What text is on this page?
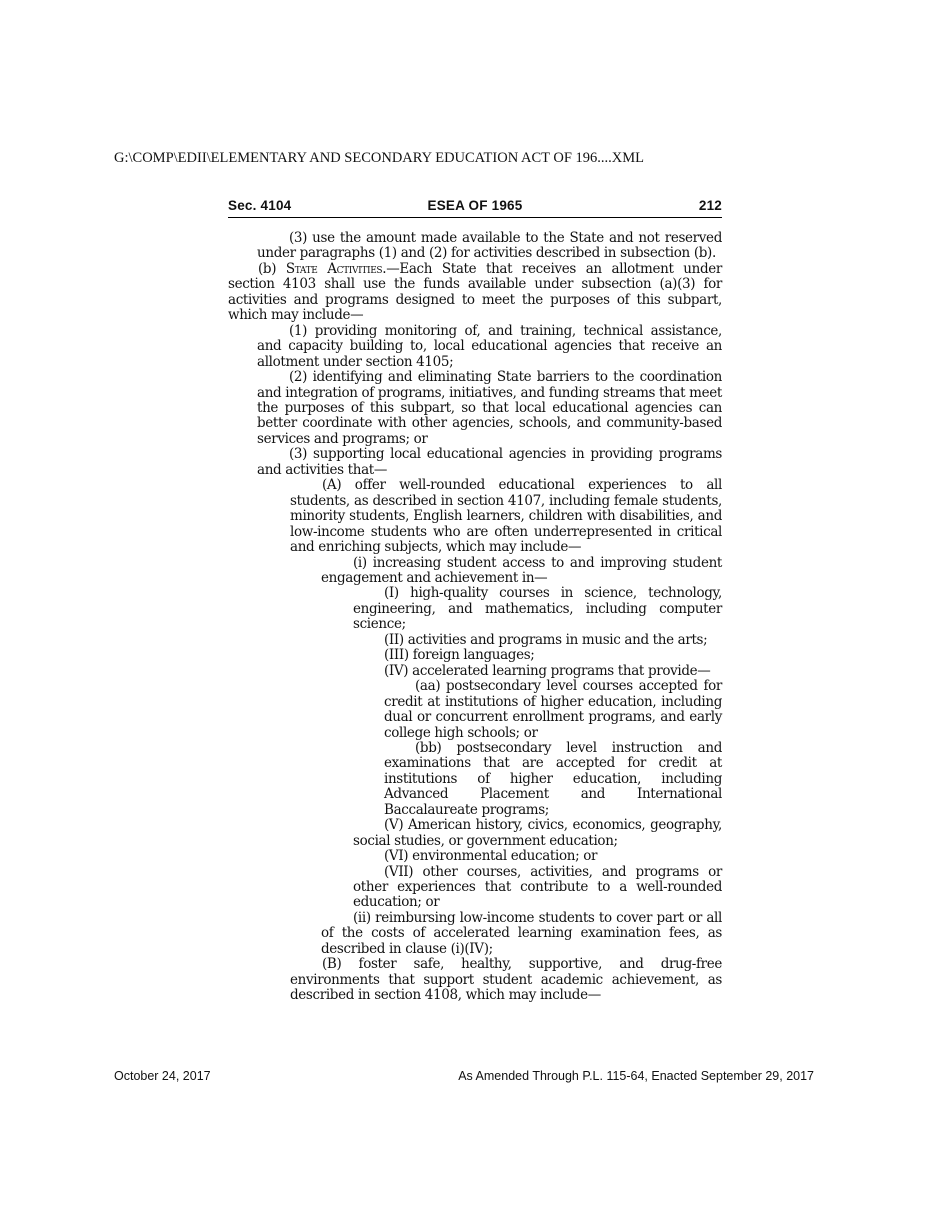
G:\COMP\EDII\ELEMENTARY AND SECONDARY EDUCATION ACT OF 196....XML
Sec. 4104	ESEA OF 1965	212

(3) use the amount made available to the State and not reserved under paragraphs (1) and (2) for activities described in subsection (b).

(b) State Activities.—Each State that receives an allotment under section 4103 shall use the funds available under subsection (a)(3) for activities and programs designed to meet the purposes of this subpart, which may include—

(1) providing monitoring of, and training, technical assistance, and capacity building to, local educational agencies that receive an allotment under section 4105;

(2) identifying and eliminating State barriers to the coordination and integration of programs, initiatives, and funding streams that meet the purposes of this subpart, so that local educational agencies can better coordinate with other agencies, schools, and community-based services and programs; or

(3) supporting local educational agencies in providing programs and activities that—

(A) offer well-rounded educational experiences to all students, as described in section 4107, including female students, minority students, English learners, children with disabilities, and low-income students who are often underrepresented in critical and enriching subjects, which may include—

(i) increasing student access to and improving student engagement and achievement in—

(I) high-quality courses in science, technology, engineering, and mathematics, including computer science;

(II) activities and programs in music and the arts;

(III) foreign languages;

(IV) accelerated learning programs that provide—

(aa) postsecondary level courses accepted for credit at institutions of higher education, including dual or concurrent enrollment programs, and early college high schools; or

(bb) postsecondary level instruction and examinations that are accepted for credit at institutions of higher education, including Advanced Placement and International Baccalaureate programs;

(V) American history, civics, economics, geography, social studies, or government education;

(VI) environmental education; or

(VII) other courses, activities, and programs or other experiences that contribute to a well-rounded education; or

(ii) reimbursing low-income students to cover part or all of the costs of accelerated learning examination fees, as described in clause (i)(IV);

(B) foster safe, healthy, supportive, and drug-free environments that support student academic achievement, as described in section 4108, which may include—

October 24, 2017	As Amended Through P.L. 115-64, Enacted September 29, 2017
